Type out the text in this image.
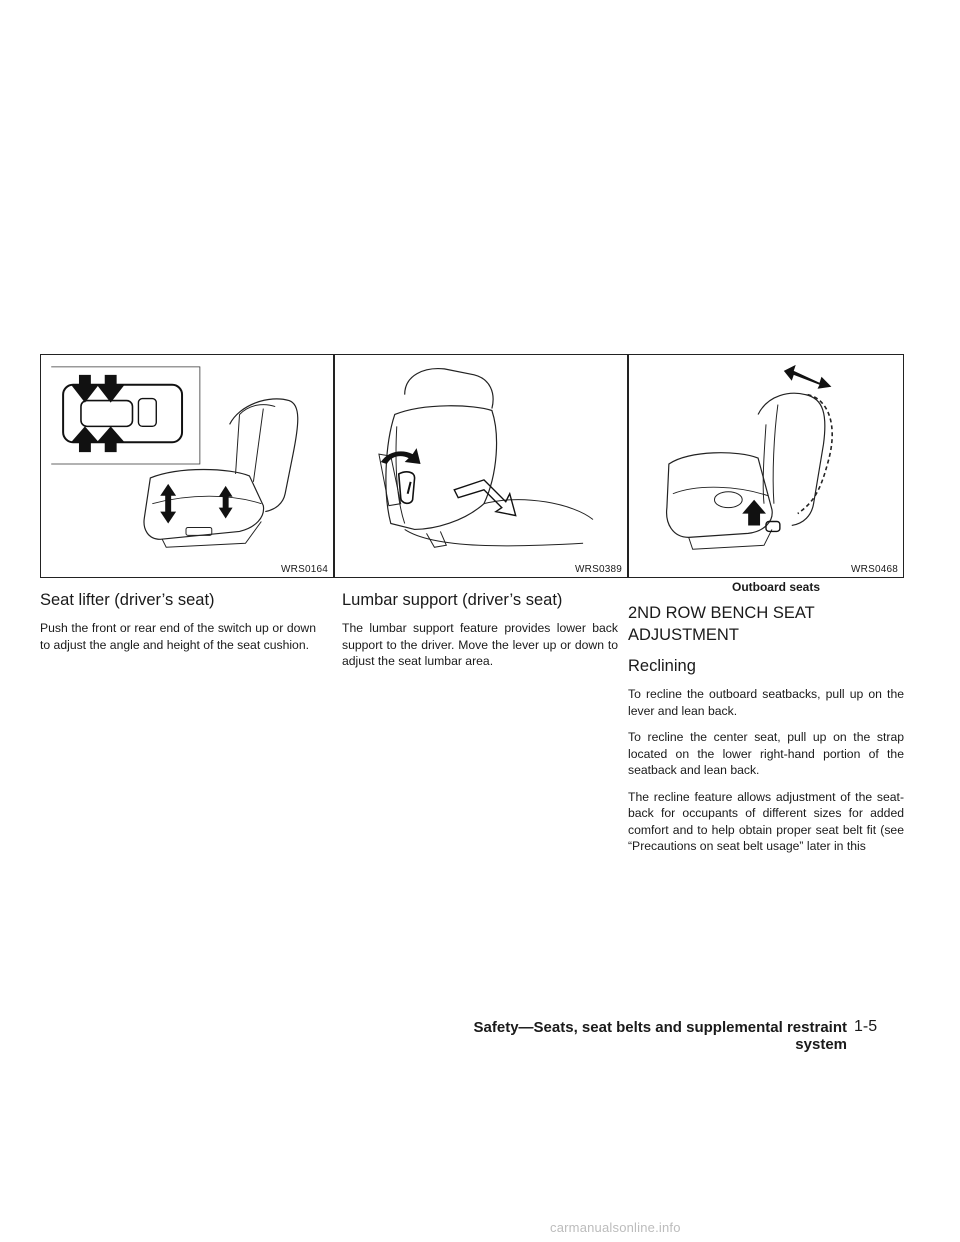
WRS0164	WRS0389	WRS0468
Seat lifter (driver’s seat)

Push the front or rear end of the switch up or down to adjust the angle and height of the seat cushion.

Lumbar support (driver’s seat)

The lumbar support feature provides lower back support to the driver. Move the lever up or down to adjust the seat lumbar area.

Outboard seats

2ND ROW BENCH SEAT
ADJUSTMENT
Reclining

To recline the outboard seatbacks, pull up on the lever and lean back.

To recline the center seat, pull up on the strap located on the lower right-hand portion of the seatback and lean back.

The recline feature allows adjustment of the seat-back for occupants of different sizes for added comfort and to help obtain proper seat belt fit (see “Precautions on seat belt usage” later in this

Safety—Seats, seat belts and supplemental restraint system
1-5
carmanualsonline.info
